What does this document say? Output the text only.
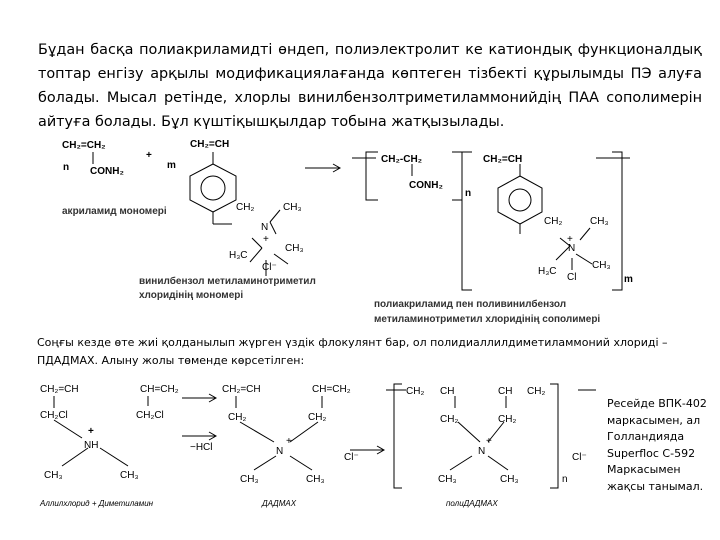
Бұдан басқа полиакриламидті өндеп, полиэлектролит ке катиондық функционалдық топтар енгізу арқылы модификациялағанда көптеген тізбекті құрылымды ПЭ алуға болады. Мысал ретінде, хлорлы винилбензолтриметиламмонийдің ПАА сополимерін айтуға болады. Бұл күштіқышқылдар тобына жатқызылады.

n
CH₂=CH₂
CONH₂
+
m
акриламид мономері
CH₂=CH
CH₂	CH₃
N
+
H₃C
CH₃
Cl⁻
винилбензол метиламинотриметил
хлоридінің мономері
CH₂-CH₂
CONH₂
n
CH₂=CH
CH₂	CH₃
N
+
H₃C
Cl
CH₃
m
полиакриламид пен поливинилбензол
метиламинотриметил хлоридінің сополимері

Соңғы кезде өте жиі қолданылып жүрген үздік флокулянт бар, ол полидиаллилдиметиламмоний хлориді – ПДАДМАХ. Алыну жолы төменде көрсетілген:

CH₂=CH
CH₂Cl
+
NH
CH₃	CH₃
CH=CH₂
CH₂Cl
−HCl
Аллилхлорид + Диметиламин
CH₂=CH	CH=CH₂
CH₂	CH₂
+
N
Cl⁻
CH₃	CH₃
ДАДМАХ
CH₂ CH	CH CH₂
CH₂	CH₂
+
N
CH₃	CH₃
Cl⁻
n
полиДАДМАХ

Ресейде ВПК-402
маркасымен, ал
Голландияда
Superfloc C-592
Маркасымен
жақсы танымал.
